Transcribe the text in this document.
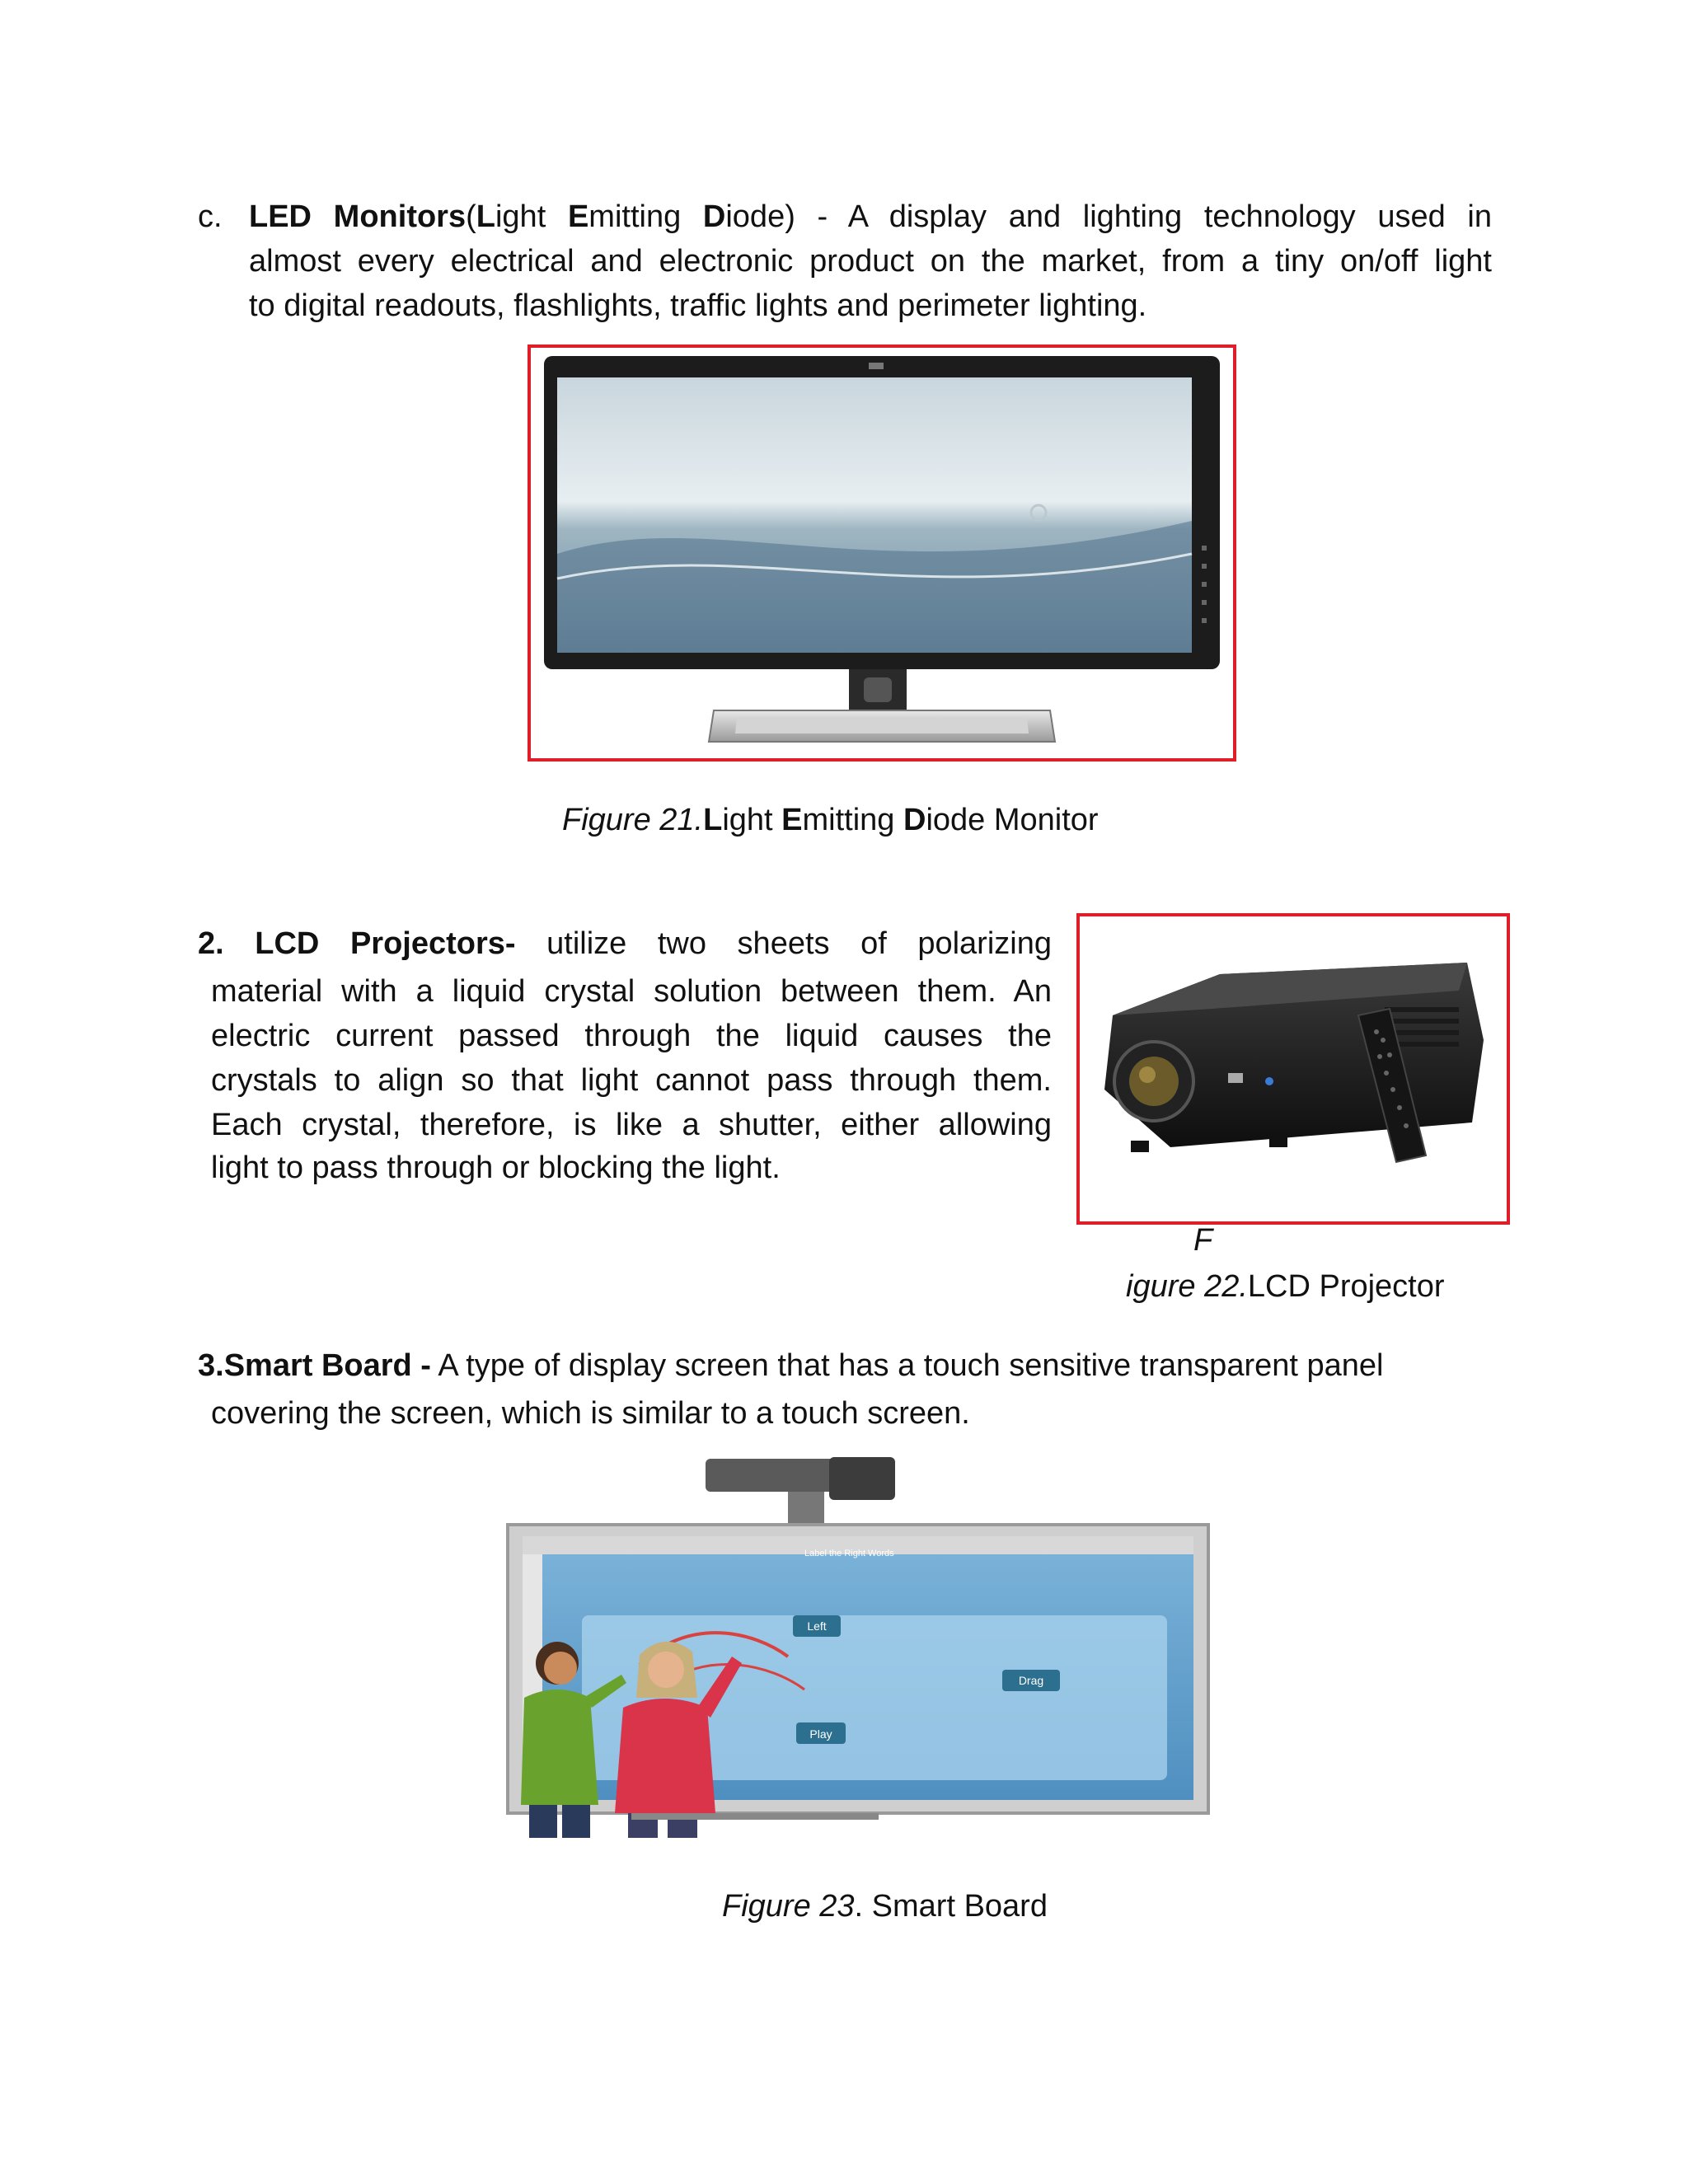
c. LED Monitors(Light Emitting Diode) - A display and lighting technology used in
almost every electrical and electronic product on the market, from a tiny on/off light
to digital readouts, flashlights, traffic lights and perimeter lighting.
Figure 21.Light Emitting Diode Monitor
2. LCD Projectors- utilize two sheets of polarizing
material with a liquid crystal solution between them. An
electric current passed through the liquid causes the
crystals to align so that light cannot pass through them.
Each crystal, therefore, is like a shutter, either allowing
light to pass through or blocking the light.
F
igure 22.LCD Projector
3.Smart Board - A type of display screen that has a touch sensitive transparent panel
covering the screen, which is similar to a touch screen.
Play
Left
Drag
Label the Right Words
Figure 23. Smart Board
